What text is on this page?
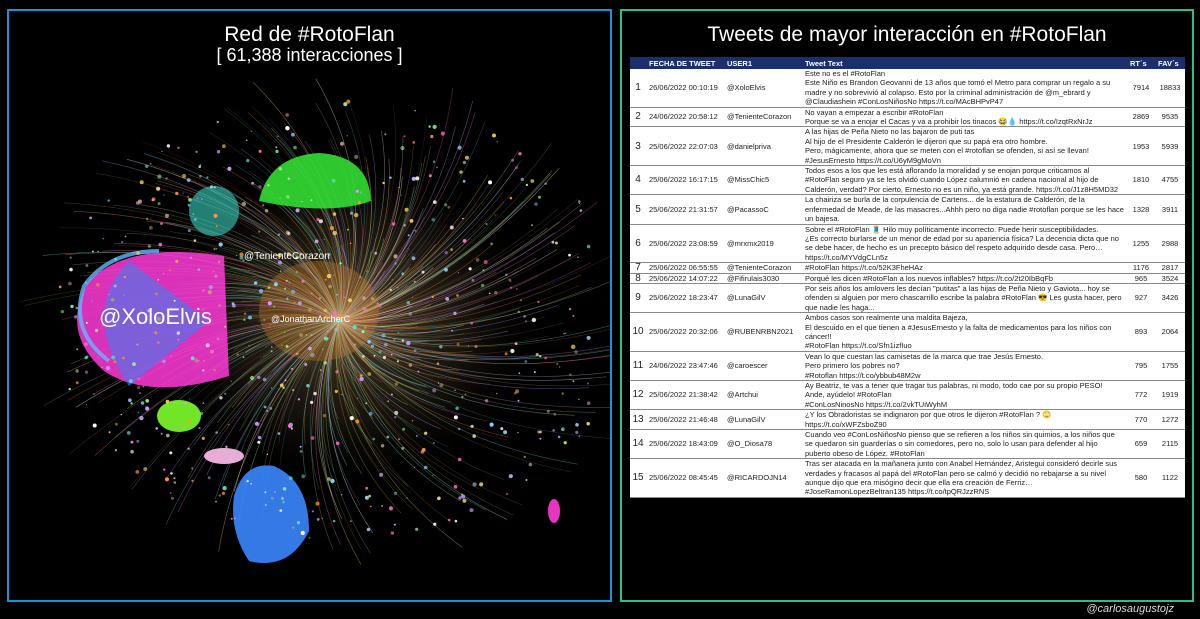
Red de #RotoFlan
[ 61,388 interacciones ]
@XoloElvis
@TenienteCorazon
@JonathanArcherC
Tweets de mayor interacción en #RotoFlan
	FECHA DE TWEET	USER1	Tweet Text	RT´s	FAV´s
1	26/06/2022 00:10:19	@XoloElvis	Este no es el #RotoFlan
Este Niño es Brandon Geovanni de 13 años que tomó el Metro para comprar un regalo a su madre y no sobrevivió al colapso. Esto por la criminal administración de @m_ebrard y @Claudiashein #ConLosNiñosNo https://t.co/MAcBHPvP47	7914	18833
2	24/06/2022 20:58:12	@TenienteCorazon	No vayan a empezar a escribir #RotoFlan
Porque se va a enojar el Cacas y va a prohibir los tinacos 😂💧 https://t.co/IzqtRxNrJz	2869	9535
3	25/06/2022 22:07:03	@danielpriva	A las hijas de Peña Nieto no las bajaron de puti tas
Al hijo de el Presidente Calderón le dijeron que su papá era otro hombre.
Pero, mágicamente, ahora que se meten con el #rotoflan se ofenden, si así se llevan!
#JesusErnesto https://t.co/U6yM9gMoVn	1953	5939
4	25/06/2022 16:17:15	@MissChic5	Todos esos a los que les está aflorando la moralidad y se enojan porque criticamos al #RotoFlan seguro ya se les olvidó cuando López calumnió en cadena nacional al hijo de Calderón, verdad? Por cierto, Ernesto no es un niño, ya está grande. https://t.co/J1z8H5MD32	1810	4755
5	25/06/2022 21:31:57	@PacassoC	La chairiza se burla de la corpulencia de Cartens... de la estatura de Calderón, de la enfermedad de Meade, de las masacres...Ahhh pero no diga nadie #rotoflan porque se les hace un bajesa.	1328	3911
6	25/06/2022 23:08:59	@mrxmx2019	Sobre el #RotoFlan 🧵 Hilo muy políticamente incorrecto. Puede herir susceptibilidades.
¿Es correcto burlarse de un menor de edad por su apariencia física? La decencia dicta que no se debe hacer, de hecho es un precepto básico del respeto adquirido desde casa. Pero… https://t.co/MYVdgCLn5z	1255	2988
7	25/06/2022 06:55:55	@TenienteCorazon	#RotoFlan https://t.co/52K3FheHAz	1176	2817
8	25/06/2022 14:07:22	@Fifirulais3030	Porqué les dicen #RotoFlan a los nuevos inflables? https://t.co/2t20IbBqFb	965	3524
9	25/06/2022 18:23:47	@LunaGilV	Por seis años los amlovers les decían "putitas" a las hijas de Peña Nieto y Gaviota... hoy se ofenden si alguien por mero chascarrillo escribe la palabra #RotoFlan 😎 Les gusta hacer, pero que nadie les haga...	927	3426
10	25/06/2022 20:32:06	@RUBENRBN2021	Ambos casos son realmente una maldita Bajeza,
El descuido en el que tienen a #JesusErnesto y la falta de medicamentos para los niños con cáncer!!
#RotoFlan https://t.co/Sfn1izfIuo	893	2064
11	24/06/2022 23:47:46	@caroescer	Vean lo que cuestan las camisetas de la marca que trae Jesús Ernesto.
Pero primero los pobres no?
#Rotoflan https://t.co/ybbub48M2w	795	1755
12	25/06/2022 21:38:42	@Artchui	Ay Beatriz, te vas a tener que tragar tus palabras, ni modo, todo cae por su propio PESO!
Ande, ayúdelo! #RotoFlan
#ConLosNinosNo https://t.co/2vkTUiWyhM	772	1919
13	25/06/2022 21:46:48	@LunaGilV	¿Y los Obradoristas se indignaron por que otros le dijeron #RotoFlan ? 🙄
https://t.co/xWFZsboZ90	770	1272
14	25/06/2022 18:43:09	@O_Diosa78	Cuando veo #ConLosNiñosNo pienso que se refieren a los niños sin quimios, a los niños que se quedaron sin guarderías o sin comedores, pero no, solo lo usan para defender al hijo puberto obeso de López. #RotoFlan	659	2115
15	25/06/2022 08:45:45	@RICARDOJN14	Tras ser atacada en la mañanera junto con Anabel Hernández, Aristegui consideró decirle sus verdades y fracasos al papá del #RotoFlan pero se calmó y decidió no rebajarse a su nivel aunque dijo que era misógino decir que ella era creación de Ferriz…
#JoseRamonLopezBeltran135 https://t.co/tpQRJzzRNS	580	1122
@carlosaugustojz
